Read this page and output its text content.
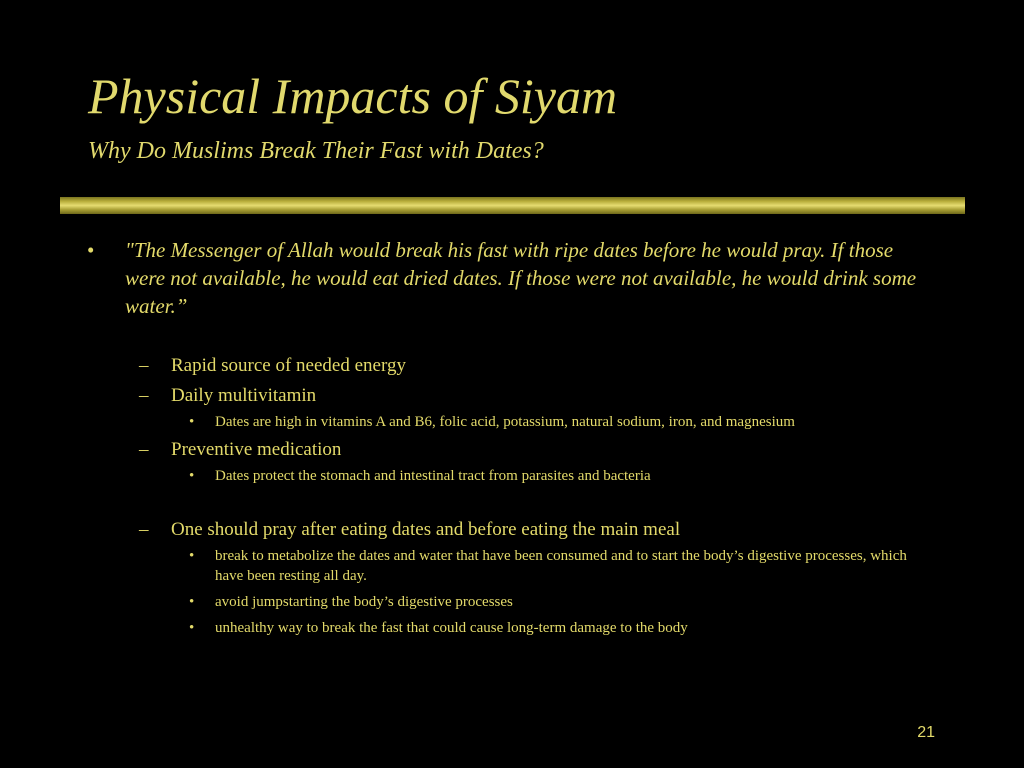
Physical Impacts of Siyam
Why Do Muslims Break Their Fast with Dates?
• "The Messenger of Allah would break his fast with ripe dates before he would pray. If those were not available, he would eat dried dates. If those were not available, he would drink some water.”
– Rapid source of needed energy
– Daily multivitamin
• Dates are high in vitamins A and B6, folic acid, potassium, natural sodium, iron, and magnesium
– Preventive medication
• Dates protect the stomach and intestinal tract from parasites and bacteria
– One should pray after eating dates and before eating the main meal
• break to metabolize the dates and water that have been consumed and to start the body’s digestive processes, which have been resting all day.
• avoid jumpstarting the body’s digestive processes
• unhealthy way to break the fast that could cause long-term damage to the body
21
